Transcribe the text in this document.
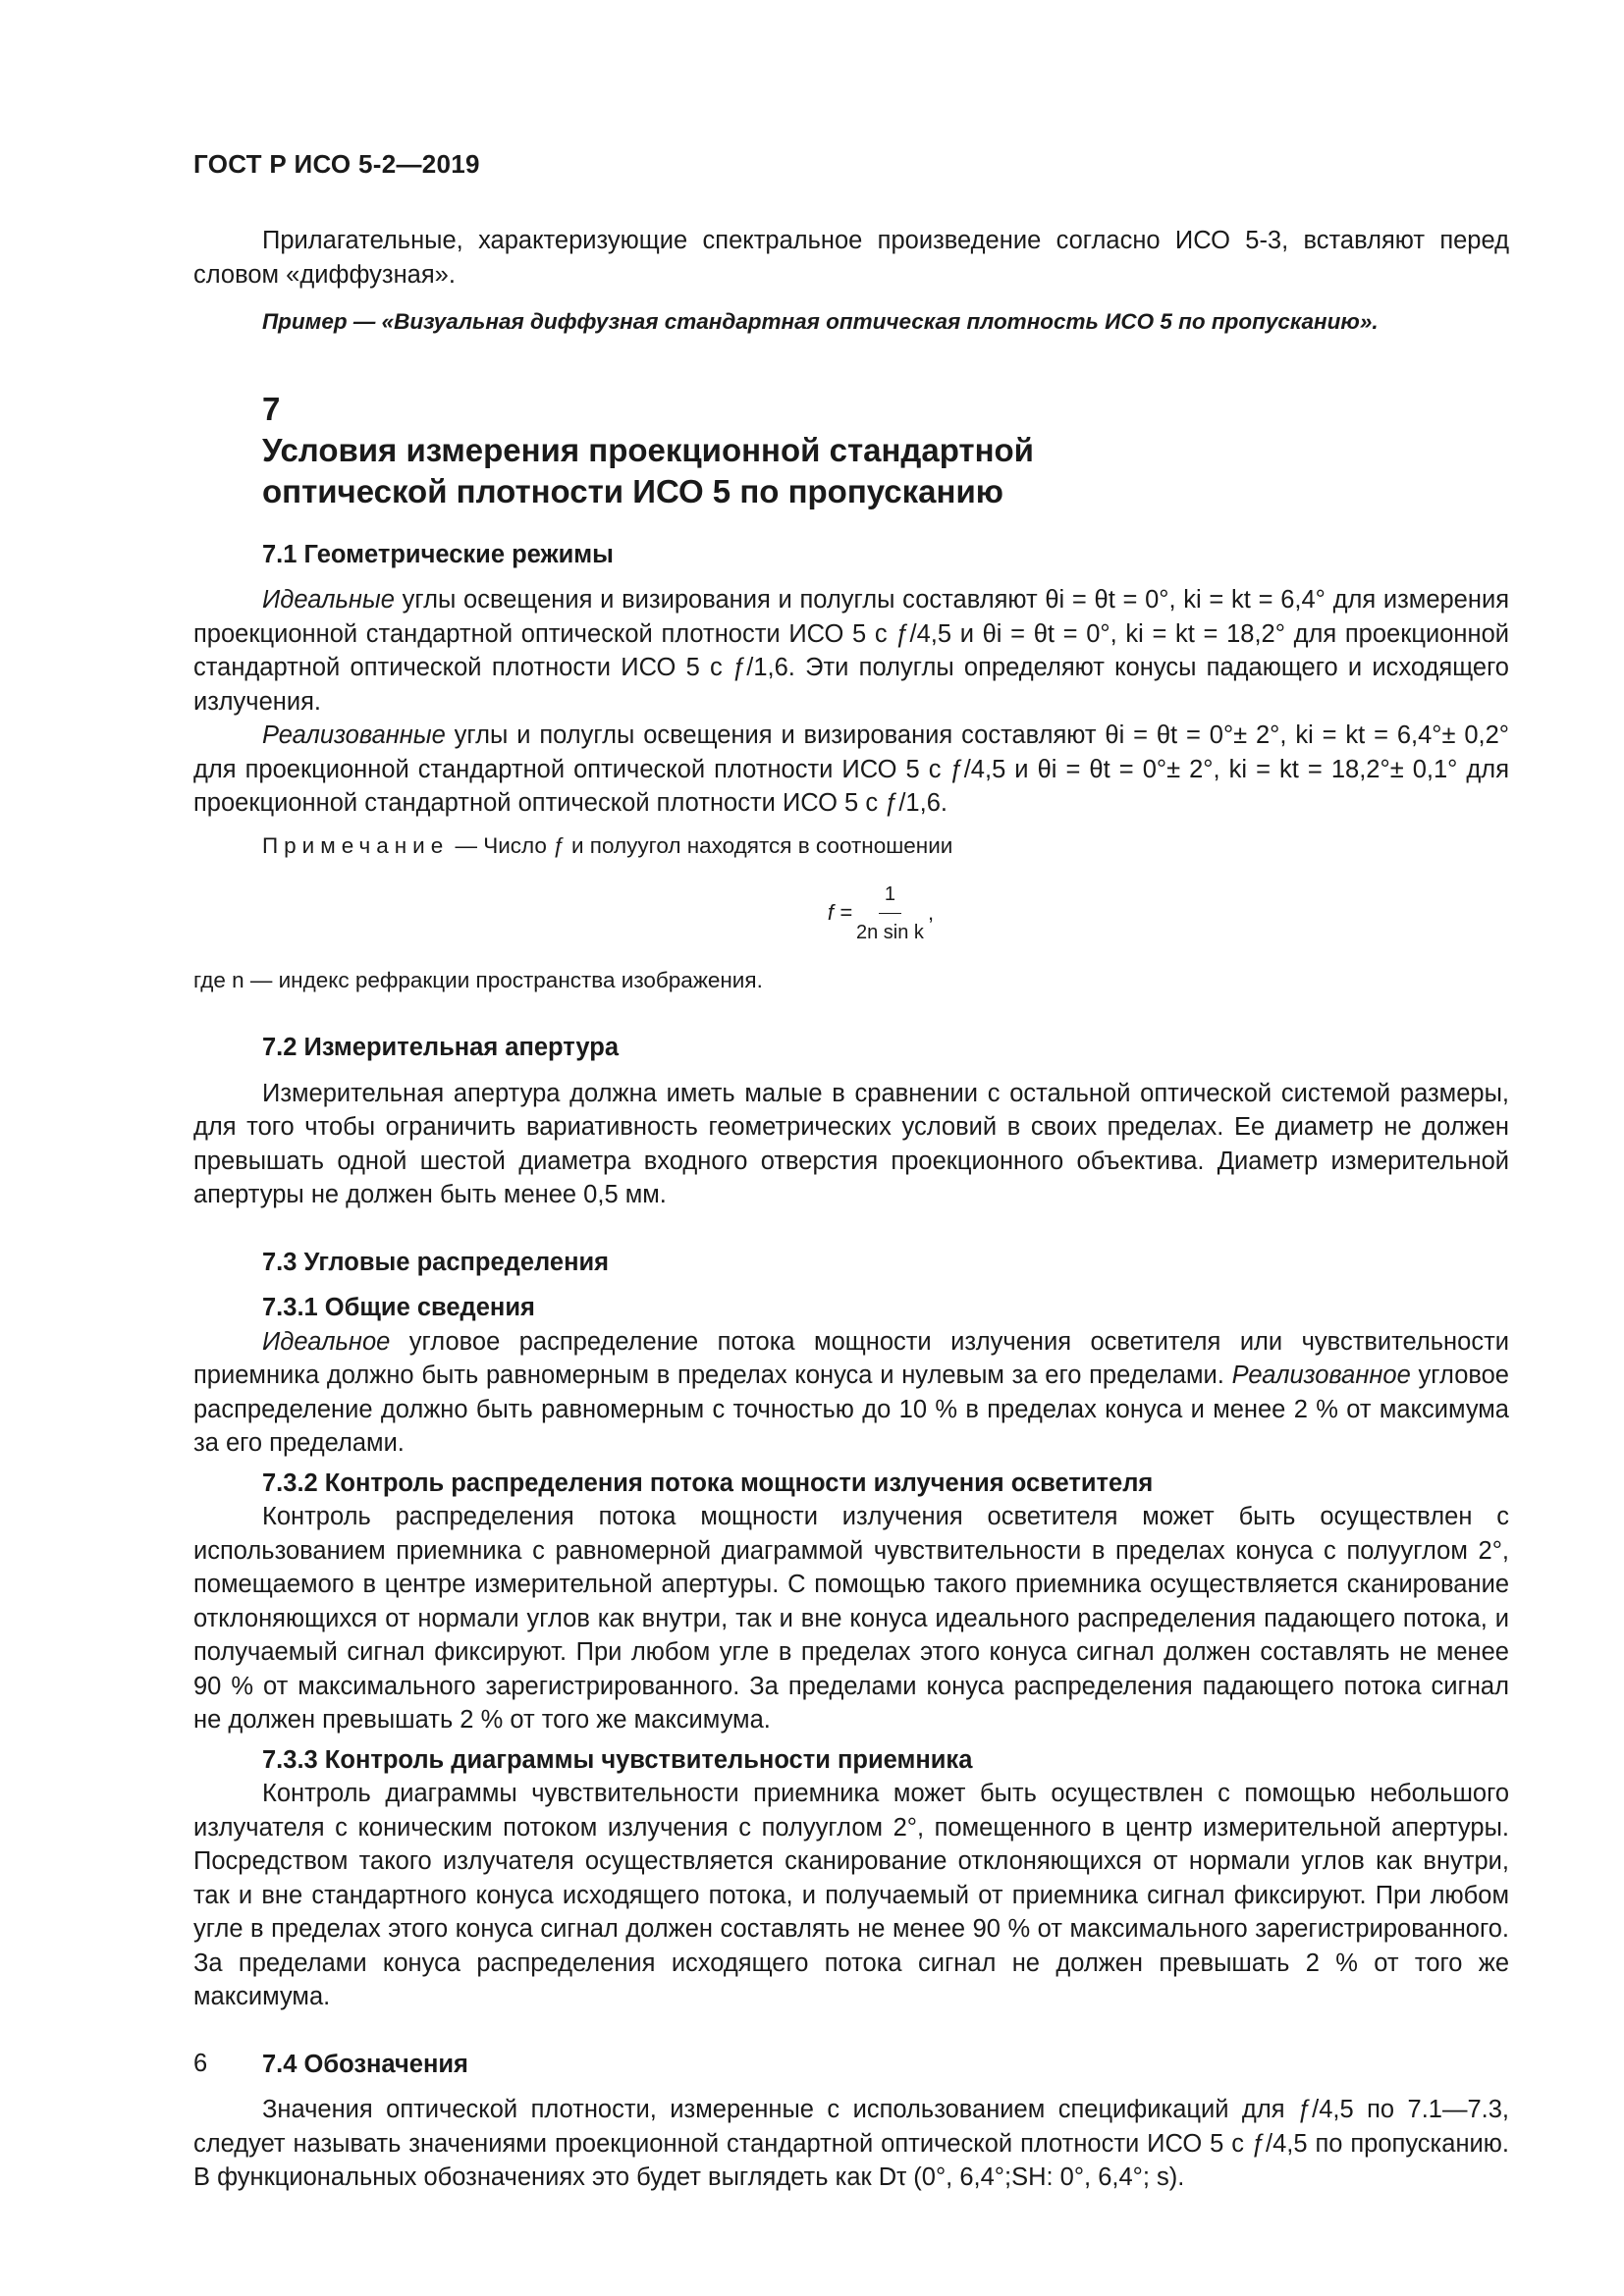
ГОСТ Р ИСО 5-2—2019

Прилагательные, характеризующие спектральное произведение согласно ИСО 5-3, вставляют перед словом «диффузная».

Пример — «Визуальная диффузная стандартная оптическая плотность ИСО 5 по пропусканию».

7
Условия измерения проекционной стандартной
оптической плотности ИСО 5 по пропусканию
7.1 Геометрические режимы

Идеальные углы освещения и визирования и полуглы составляют θi = θt = 0°, ki = kt = 6,4° для измерения проекционной стандартной оптической плотности ИСО 5 с ƒ/4,5 и θi = θt = 0°, ki = kt = 18,2° для проекционной стандартной оптической плотности ИСО 5 с ƒ/1,6. Эти полуглы определяют конусы падающего и исходящего излучения.

Реализованные углы и полуглы освещения и визирования составляют θi = θt = 0°± 2°, ki = kt = 6,4°± 0,2° для проекционной стандартной оптической плотности ИСО 5 с ƒ/4,5 и θi = θt = 0°± 2°, ki = kt = 18,2°± 0,1° для проекционной стандартной оптической плотности ИСО 5 с ƒ/1,6.

Примечание — Число ƒ и полуугол находятся в соотношении
$f = \frac{1}{\text{2n sin k}}$ ,

где n — индекс рефракции пространства изображения.

7.2 Измерительная апертура

Измерительная апертура должна иметь малые в сравнении с остальной оптической системой размеры, для того чтобы ограничить вариативность геометрических условий в своих пределах. Ее диаметр не должен превышать одной шестой диаметра входного отверстия проекционного объектива. Диаметр измерительной апертуры не должен быть менее 0,5 мм.

7.3 Угловые распределения
7.3.1 Общие сведения

Идеальное угловое распределение потока мощности излучения осветителя или чувствительности приемника должно быть равномерным в пределах конуса и нулевым за его пределами. Реализованное угловое распределение должно быть равномерным с точностью до 10 % в пределах конуса и менее 2 % от максимума за его пределами.

7.3.2 Контроль распределения потока мощности излучения осветителя

Контроль распределения потока мощности излучения осветителя может быть осуществлен с использованием приемника с равномерной диаграммой чувствительности в пределах конуса с полууглом 2°, помещаемого в центре измерительной апертуры. С помощью такого приемника осуществляется сканирование отклоняющихся от нормали углов как внутри, так и вне конуса идеального распределения падающего потока, и получаемый сигнал фиксируют. При любом угле в пределах этого конуса сигнал должен составлять не менее 90 % от максимального зарегистрированного. За пределами конуса распределения падающего потока сигнал не должен превышать 2 % от того же максимума.

7.3.3 Контроль диаграммы чувствительности приемника

Контроль диаграммы чувствительности приемника может быть осуществлен с помощью небольшого излучателя с коническим потоком излучения с полууглом 2°, помещенного в центр измерительной апертуры. Посредством такого излучателя осуществляется сканирование отклоняющихся от нормали углов как внутри, так и вне стандартного конуса исходящего потока, и получаемый от приемника сигнал фиксируют. При любом угле в пределах этого конуса сигнал должен составлять не менее 90 % от максимального зарегистрированного. За пределами конуса распределения исходящего потока сигнал не должен превышать 2 % от того же максимума.

7.4 Обозначения

Значения оптической плотности, измеренные с использованием спецификаций для ƒ/4,5 по 7.1—7.3, следует называть значениями проекционной стандартной оптической плотности ИСО 5 с ƒ/4,5 по пропусканию. В функциональных обозначениях это будет выглядеть как Dτ (0°, 6,4°;SH: 0°, 6,4°; s).

6
